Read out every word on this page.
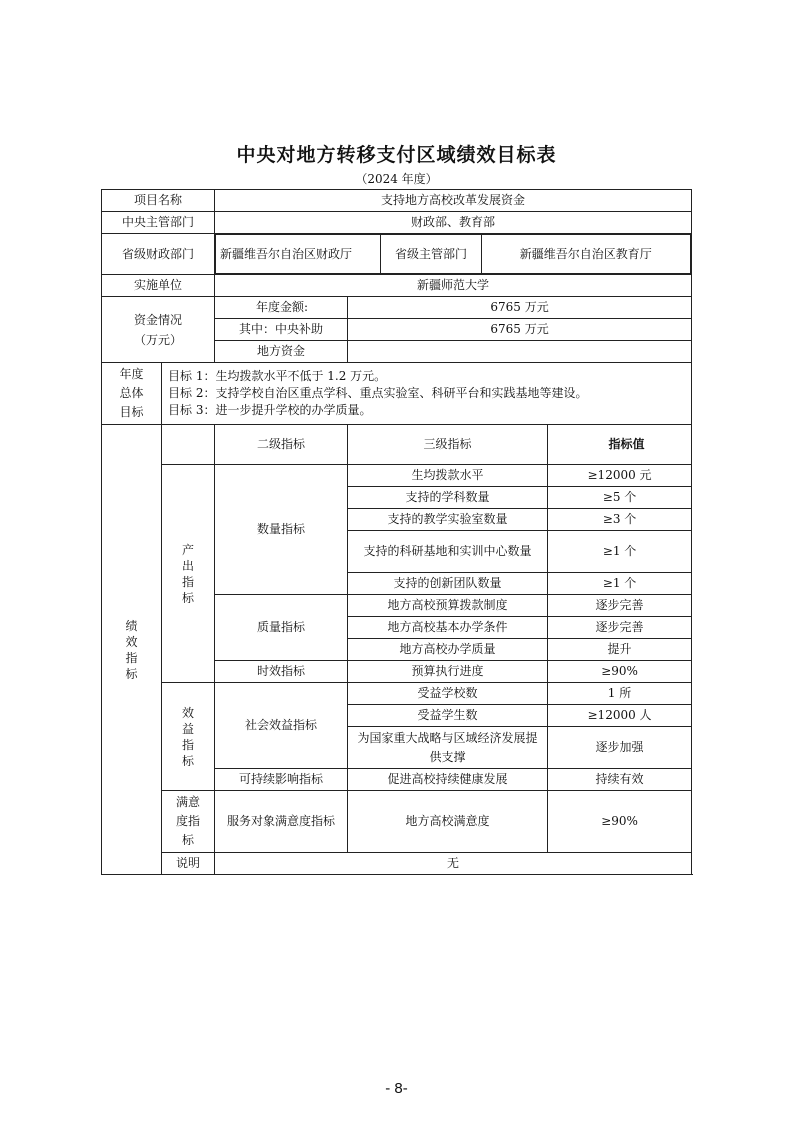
中央对地方转移支付区域绩效目标表
（2024 年度）
项目名称	支持地方高校改革发展资金
中央主管部门	财政部、教育部
省级财政部门	新疆维吾尔自治区财政厅	省级主管部门	新疆维吾尔自治区教育厅

实施单位	新疆师范大学
资金情况（万元）	年度金额:	6765 万元
其中：中央补助	6765 万元
地方资金	
年度总体目标	
目标 1：生均拨款水平不低于 1.2 万元。
目标 2：支持学校自治区重点学科、重点实验室、科研平台和实践基地等建设。
目标 3：进一步提升学校的办学质量。

绩效指标		二级指标	三级指标	指标值
产出指标	数量指标	生均拨款水平	≥12000 元
支持的学科数量	≥5 个
支持的教学实验室数量	≥3 个
支持的科研基地和实训中心数量	≥1 个
支持的创新团队数量	≥1 个
质量指标	地方高校预算拨款制度	逐步完善
地方高校基本办学条件	逐步完善
地方高校办学质量	提升
时效指标	预算执行进度	≥90%
效益指标	社会效益指标	受益学校数	1 所
受益学生数	≥12000 人
为国家重大战略与区域经济发展提供支撑	逐步加强
可持续影响指标	促进高校持续健康发展	持续有效
满意度指标	服务对象满意度指标	地方高校满意度	≥90%
说明	无
- 8-
